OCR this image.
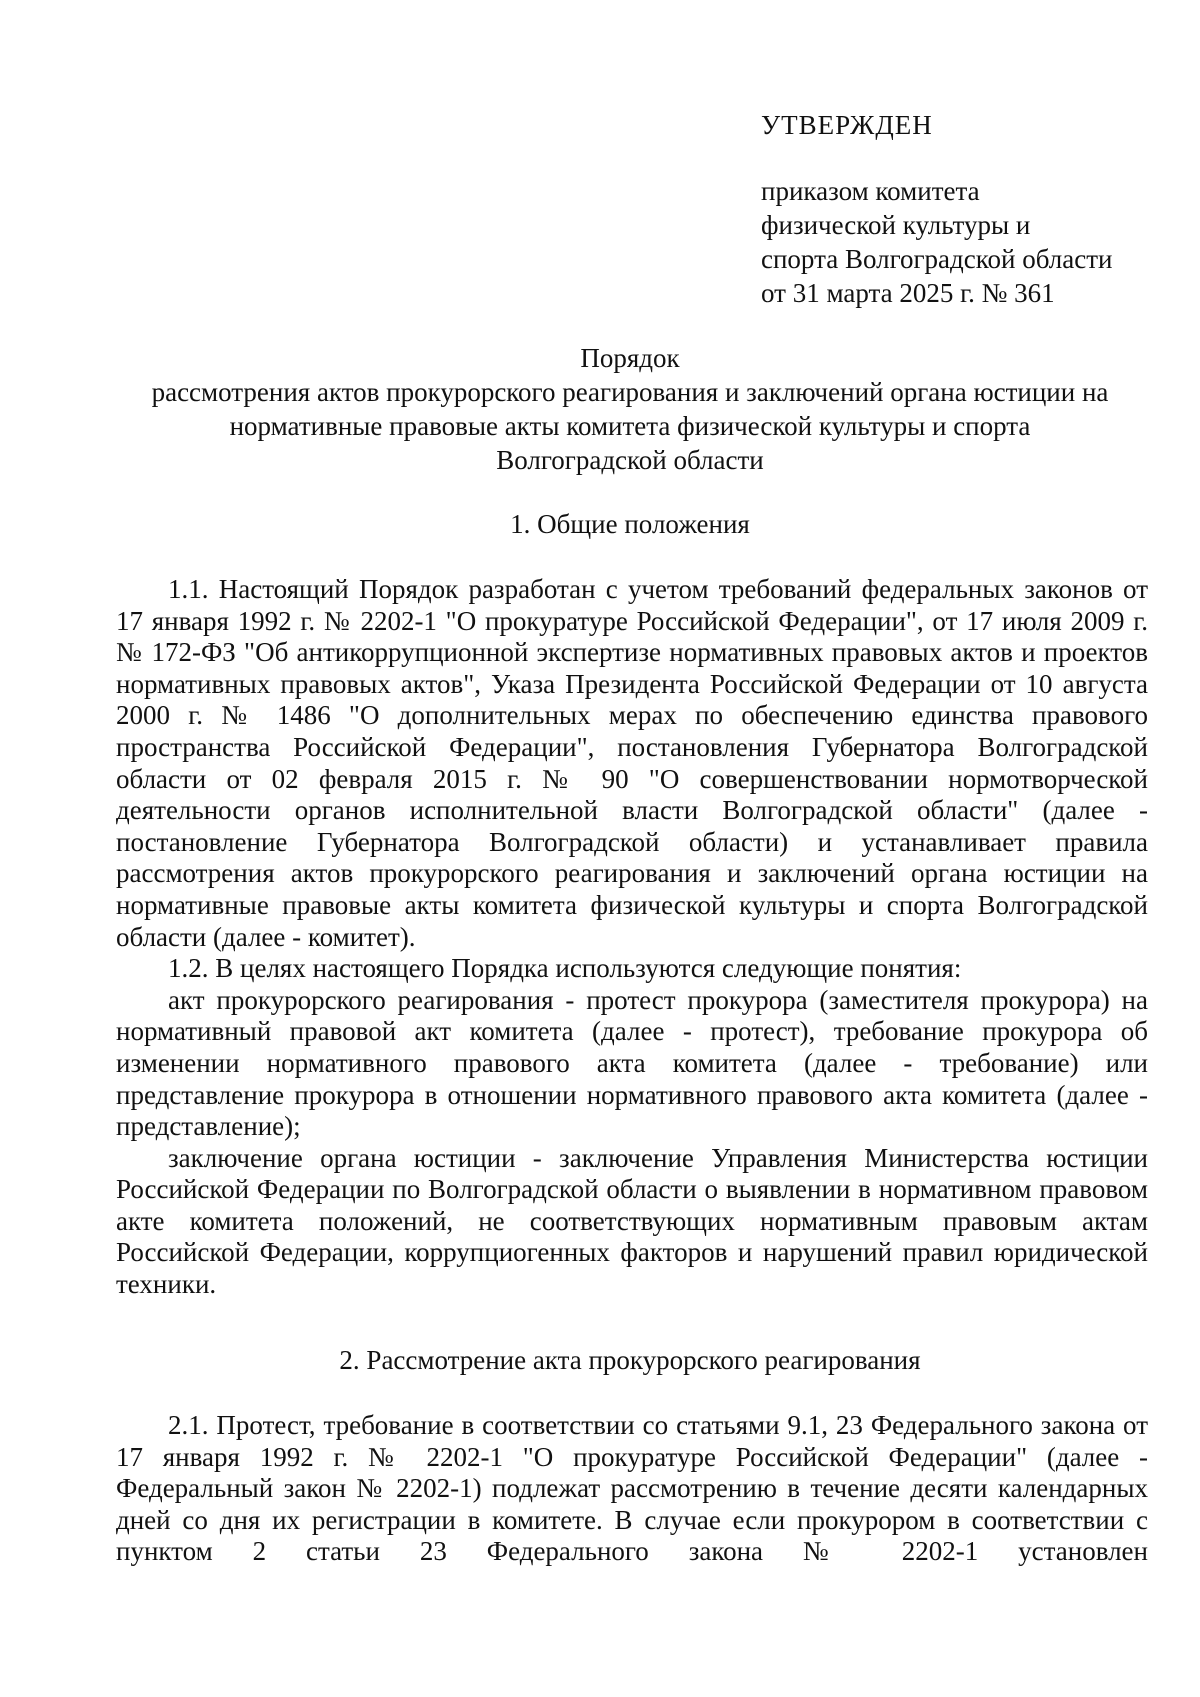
УТВЕРЖДЕН
приказом комитета
физической культуры и
спорта Волгоградской области
от 31 марта 2025 г. № 361
Порядок
рассмотрения актов прокурорского реагирования и заключений органа юстиции на
нормативные правовые акты комитета физической культуры и спорта
Волгоградской области
1. Общие положения

1.1. Настоящий Порядок разработан с учетом требований федеральных законов от 17 января 1992 г. № 2202-1 "О прокуратуре Российской Федерации", от 17 июля 2009 г. № 172-ФЗ "Об антикоррупционной экспертизе нормативных правовых актов и проектов нормативных правовых актов", Указа Президента Российской Федерации от 10 августа 2000 г. № 1486 "О дополнительных мерах по обеспечению единства правового пространства Российской Федерации", постановления Губернатора Волгоградской области от 02 февраля 2015 г. № 90 "О совершенствовании нормотворческой деятельности органов исполнительной власти Волгоградской области" (далее - постановление Губернатора Волгоградской области) и устанавливает правила рассмотрения актов прокурорского реагирования и заключений органа юстиции на нормативные правовые акты комитета физической культуры и спорта Волгоградской области (далее - комитет).

1.2. В целях настоящего Порядка используются следующие понятия:

акт прокурорского реагирования - протест прокурора (заместителя прокурора) на нормативный правовой акт комитета (далее - протест), требование прокурора об изменении нормативного правового акта комитета (далее - требование) или представление прокурора в отношении нормативного правового акта комитета (далее - представление);

заключение органа юстиции - заключение Управления Министерства юстиции Российской Федерации по Волгоградской области о выявлении в нормативном правовом акте комитета положений, не соответствующих нормативным правовым актам Российской Федерации, коррупциогенных факторов и нарушений правил юридической техники.

2. Рассмотрение акта прокурорского реагирования

2.1. Протест, требование в соответствии со статьями 9.1, 23 Федерального закона от 17 января 1992 г. № 2202-1 "О прокуратуре Российской Федерации" (далее - Федеральный закон № 2202-1) подлежат рассмотрению в течение десяти календарных дней со дня их регистрации в комитете. В случае если прокурором в соответствии с пунктом 2 статьи 23 Федерального закона № 2202-1 установлен
